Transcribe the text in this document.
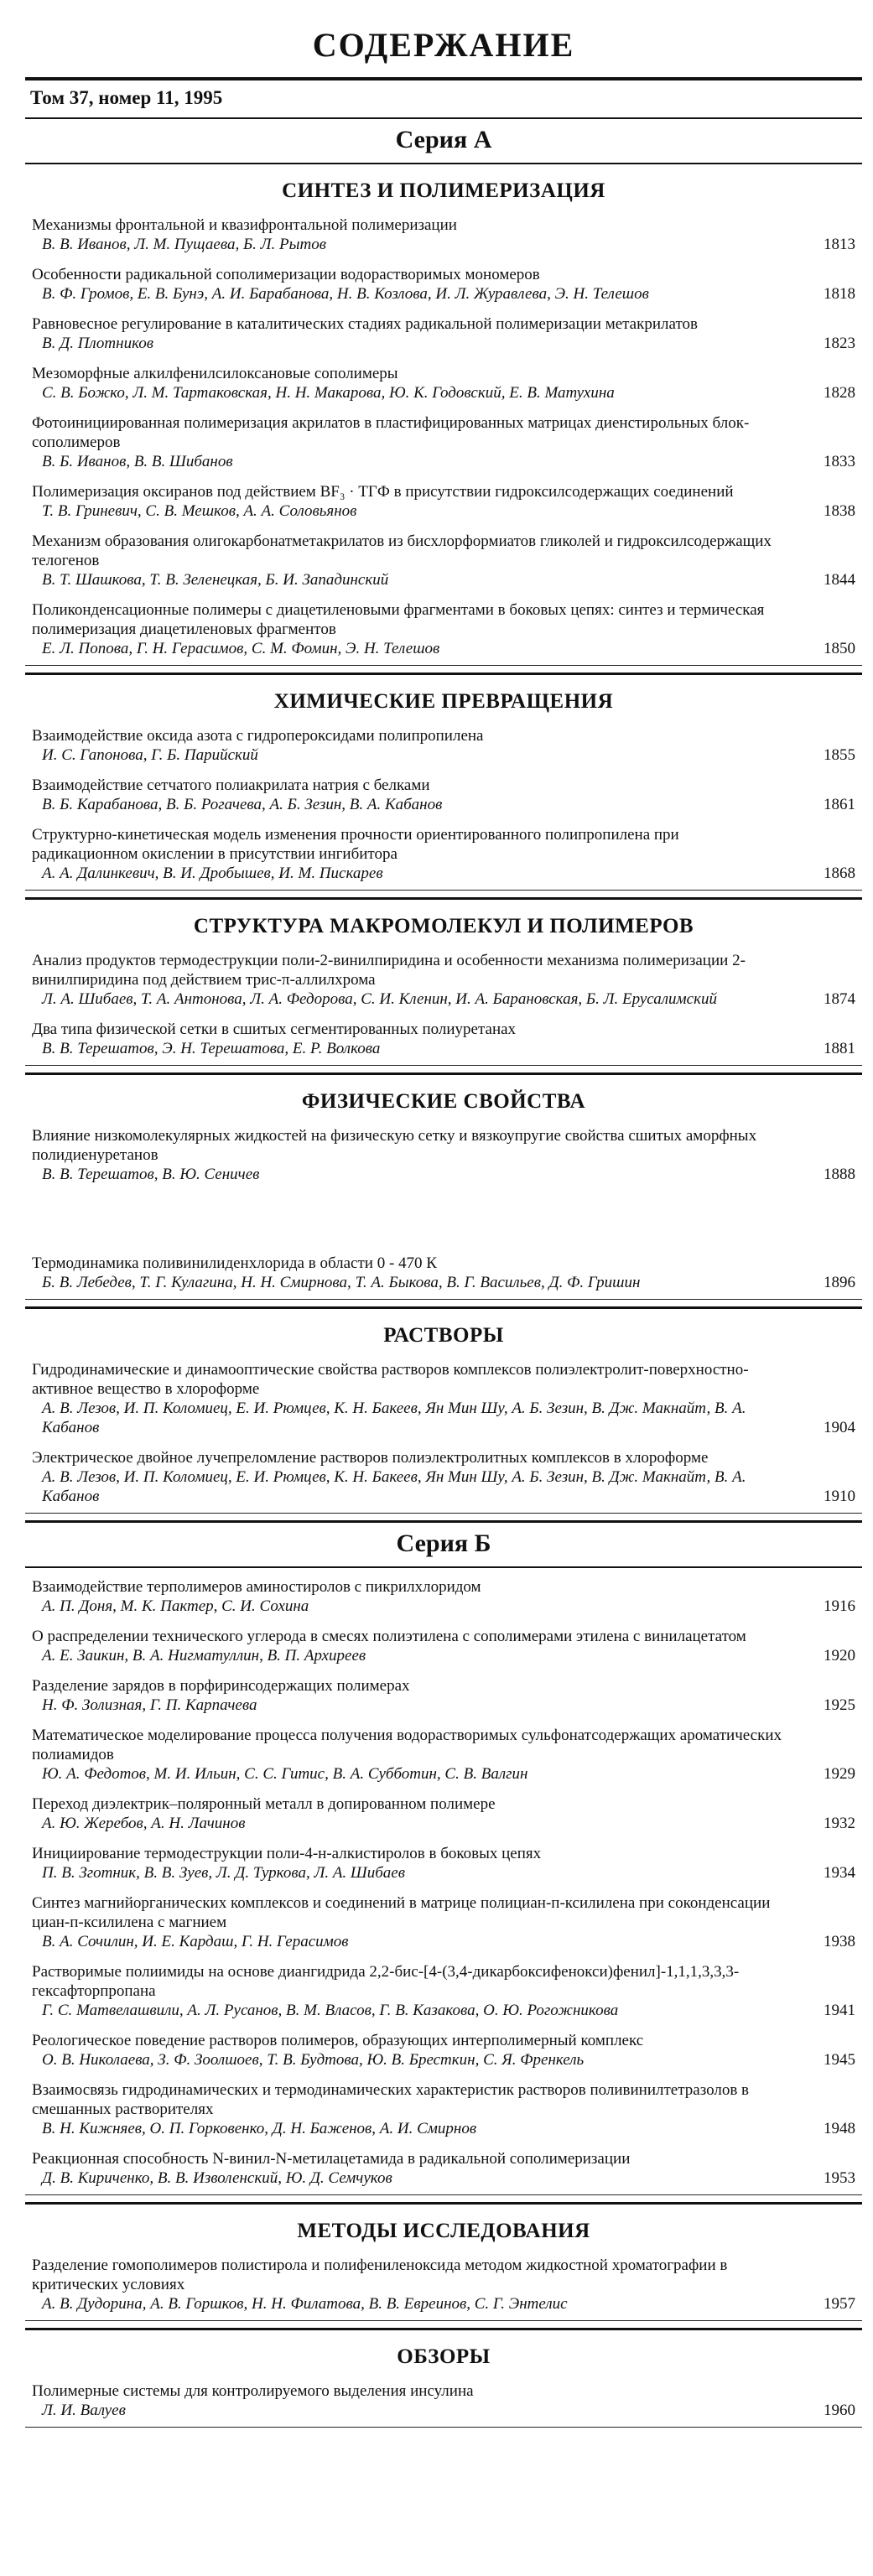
СОДЕРЖАНИЕ
Том 37, номер 11, 1995
Серия А
СИНТЕЗ И ПОЛИМЕРИЗАЦИЯ
Механизмы фронтальной и квазифронтальной полимеризации
В. В. Иванов, Л. М. Пущаева, Б. Л. Рытов	1813
Особенности радикальной сополимеризации водорастворимых мономеров
В. Ф. Громов, Е. В. Бунэ, А. И. Барабанова, Н. В. Козлова, И. Л. Журавлева, Э. Н. Телешов	1818
Равновесное регулирование в каталитических стадиях радикальной полимеризации метакрилатов
В. Д. Плотников	1823
Мезоморфные алкилфенилсилоксановые сополимеры
С. В. Божко, Л. М. Тартаковская, Н. Н. Макарова, Ю. К. Годовский, Е. В. Матухина	1828
Фотоинициированная полимеризация акрилатов в пластифицированных матрицах диенстирольных блок-сополимеров
В. Б. Иванов, В. В. Шибанов	1833
Полимеризация оксиранов под действием BF₃ · ТГФ в присутствии гидроксилсодержащих соединений
Т. В. Гриневич, С. В. Мешков, А. А. Соловьянов	1838
Механизм образования олигокарбонатметакрилатов из бисхлорформиатов гликолей и гидроксилсодержащих телогенов
В. Т. Шашкова, Т. В. Зеленецкая, Б. И. Западинский	1844
Поликонденсационные полимеры с диацетиленовыми фрагментами в боковых цепях: синтез и термическая полимеризация диацетиленовых фрагментов
Е. Л. Попова, Г. Н. Герасимов, С. М. Фомин, Э. Н. Телешов	1850
ХИМИЧЕСКИЕ ПРЕВРАЩЕНИЯ
Взаимодействие оксида азота с гидропероксидами полипропилена
И. С. Гапонова, Г. Б. Парийский	1855
Взаимодействие сетчатого полиакрилата натрия с белками
В. Б. Карабанова, В. Б. Рогачева, А. Б. Зезин, В. А. Кабанов	1861
Структурно-кинетическая модель изменения прочности ориентированного полипропилена при радикационном окислении в присутствии ингибитора
А. А. Далинкевич, В. И. Дробышев, И. М. Пискарев	1868
СТРУКТУРА МАКРОМОЛЕКУЛ И ПОЛИМЕРОВ
Анализ продуктов термодеструкции поли-2-винилпиридина и особенности механизма полимеризации 2-винилпиридина под действием трис-π-аллилхрома
Л. А. Шибаев, Т. А. Антонова, Л. А. Федорова, С. И. Кленин, И. А. Барановская, Б. Л. Ерусалимский	1874
Два типа физической сетки в сшитых сегментированных полиуретанах
В. В. Терешатов, Э. Н. Терешатова, Е. Р. Волкова	1881
ФИЗИЧЕСКИЕ СВОЙСТВА
Влияние низкомолекулярных жидкостей на физическую сетку и вязкоупругие свойства сшитых аморфных полидиенуретанов
В. В. Терешатов, В. Ю. Сеничев	1888
Термодинамика поливинилиденхлорида в области 0 - 470 К
Б. В. Лебедев, Т. Г. Кулагина, Н. Н. Смирнова, Т. А. Быкова, В. Г. Васильев, Д. Ф. Гришин	1896
РАСТВОРЫ
Гидродинамические и динамооптические свойства растворов комплексов полиэлектролит-поверхностно-активное вещество в хлороформе
А. В. Лезов, И. П. Коломиец, Е. И. Рюмцев, К. Н. Бакеев, Ян Мин Шу, А. Б. Зезин, В. Дж. Макнайт, В. А. Кабанов	1904
Электрическое двойное лучепреломление растворов полиэлектролитных комплексов в хлороформе
А. В. Лезов, И. П. Коломиец, Е. И. Рюмцев, К. Н. Бакеев, Ян Мин Шу, А. Б. Зезин, В. Дж. Макнайт, В. А. Кабанов	1910
Серия Б
Взаимодействие терполимеров аминостиролов с пикрилхлоридом
А. П. Доня, М. К. Пактер, С. И. Сохина	1916
О распределении технического углерода в смесях полиэтилена с сополимерами этилена с винилацетатом
А. Е. Заикин, В. А. Нигматуллин, В. П. Архиреев	1920
Разделение зарядов в порфиринсодержащих полимерах
Н. Ф. Золизная, Г. П. Карпачева	1925
Математическое моделирование процесса получения водорастворимых сульфонатсодержащих ароматических полиамидов
Ю. А. Федотов, М. И. Ильин, С. С. Гитис, В. А. Субботин, С. В. Валгин	1929
Переход диэлектрик–поляронный металл в допированном полимере
А. Ю. Жеребов, А. Н. Лачинов	1932
Инициирование термодеструкции поли-4-н-алкистиролов в боковых цепях
П. В. Зготник, В. В. Зуев, Л. Д. Туркова, Л. А. Шибаев	1934
Синтез магнийорганических комплексов и соединений в матрице полициан-п-ксилилена при соконденсации циан-п-ксилилена с магнием
В. А. Сочилин, И. Е. Кардаш, Г. Н. Герасимов	1938
Растворимые полиимиды на основе диангидрида 2,2-бис-[4-(3,4-дикарбоксифенокси)фенил]-1,1,1,3,3,3-гексафторпропана
Г. С. Матвелашвили, А. Л. Русанов, В. М. Власов, Г. В. Казакова, О. Ю. Рогожникова	1941
Реологическое поведение растворов полимеров, образующих интерполимерный комплекс
О. В. Николаева, З. Ф. Зоолшоев, Т. В. Будтова, Ю. В. Бресткин, С. Я. Френкель	1945
Взаимосвязь гидродинамических и термодинамических характеристик растворов поливинилтетразолов в смешанных растворителях
В. Н. Кижняев, О. П. Горковенко, Д. Н. Баженов, А. И. Смирнов	1948
Реакционная способность N-винил-N-метилацетамида в радикальной сополимеризации
Д. В. Кириченко, В. В. Изволенский, Ю. Д. Семчуков	1953
МЕТОДЫ ИССЛЕДОВАНИЯ
Разделение гомополимеров полистирола и полифениленоксида методом жидкостной хроматографии в критических условиях
А. В. Дудорина, А. В. Горшков, Н. Н. Филатова, В. В. Евреинов, С. Г. Энтелис	1957
ОБЗОРЫ
Полимерные системы для контролируемого выделения инсулина
Л. И. Валуев	1960
